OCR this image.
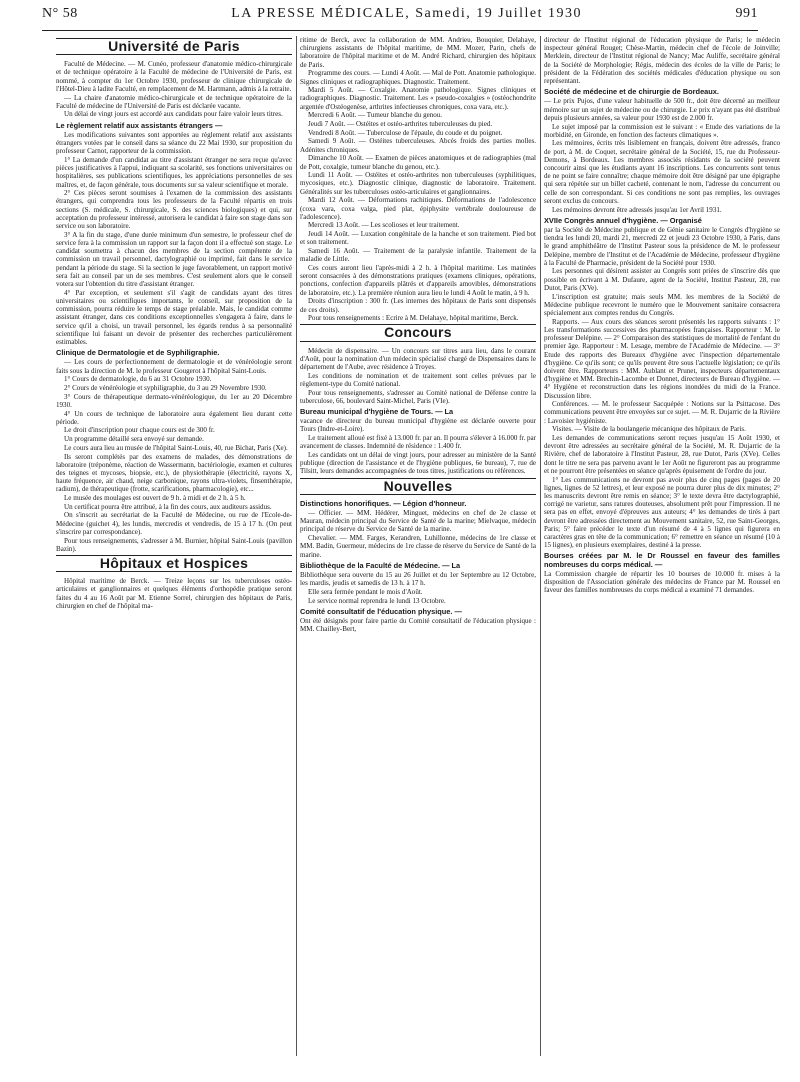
N° 58	LA PRESSE MÉDICALE, Samedi, 19 Juillet 1930	991
Université de Paris

Faculté de Médecine. — M. Cunéo, professeur d'anatomie médico-chirurgicale et de technique opératoire à la Faculté de médecine de l'Université de Paris, est nommé, à compter du 1er Octobre 1930, professeur de clinique chirurgicale de l'Hôtel-Dieu à ladite Faculté, en remplacement de M. Hartmann, admis à la retraite.

— La chaire d'anatomie médico-chirurgicale et de technique opératoire de la Faculté de médecine de l'Université de Paris est déclarée vacante.

Un délai de vingt jours est accordé aux candidats pour faire valoir leurs titres.

Le règlement relatif aux assistants étrangers —

Les modifications suivantes sont apportées au règlement relatif aux assistants étrangers votées par le conseil dans sa séance du 22 Mai 1930, sur proposition du professeur Carnot, rapporteur de la commission.

1° La demande d'un candidat au titre d'assistant étranger ne sera reçue qu'avec pièces justificatives à l'appui, indiquant sa scolarité, ses fonctions universitaires ou hospitalières, ses publications scientifiques, les appréciations personnelles de ses maîtres, et, de façon générale, tous documents sur sa valeur scientifique et morale.

2° Ces pièces seront soumises à l'examen de la commission des assistants étrangers, qui comprendra tous les professeurs de la Faculté répartis en trois sections (S. médicale, S. chirurgicale, S. des sciences biologiques) et qui, sur acceptation du professeur intéressé, autorisera le candidat à faire son stage dans son service ou son laboratoire.

3° A la fin du stage, d'une durée minimum d'un semestre, le professeur chef de service fera à la commission un rapport sur la façon dont il a effectué son stage. Le candidat soumettra à chacun des membres de la section compétente de la commission un travail personnel, dactylographié ou imprimé, fait dans le service pendant la période du stage. Si la section le juge favorablement, un rapport motivé sera fait au conseil par un de ses membres. C'est seulement alors que le conseil votera sur l'obtention du titre d'assistant étranger.

4° Par exception, et seulement s'il s'agit de candidats ayant des titres universitaires ou scientifiques importants, le conseil, sur proposition de la commission, pourra réduire le temps de stage préalable. Mais, le candidat comme assistant étranger, dans ces conditions exceptionnelles s'engagera à faire, dans le service qu'il a choisi, un travail personnel, les égards rendus à sa personnalité scientifique lui faisant un devoir de présenter des recherches particulièrement estimables.

Clinique de Dermatologie et de Syphiligraphie.

— Les cours de perfectionnement de dermatologie et de vénéréologie seront faits sous la direction de M. le professeur Gougerot à l'hôpital Saint-Louis.

1° Cours de dermatologie, du 6 au 31 Octobre 1930.

2° Cours de vénéréologie et syphiligraphie, du 3 au 29 Novembre 1930.

3° Cours de thérapeutique dermato-vénéréologique, du 1er au 20 Décembre 1930.

4° Un cours de technique de laboratoire aura également lieu durant cette période.

Le droit d'inscription pour chaque cours est de 300 fr.

Un programme détaillé sera envoyé sur demande.

Le cours aura lieu au musée de l'hôpital Saint-Louis, 40, rue Bichat, Paris (Xe).

Ils seront complétés par des examens de malades, des démonstrations de laboratoire (tréponème, réaction de Wassermann, bactériologie, examen et cultures des teignes et mycoses, biopsie, etc.), de physiothérapie (électricité, rayons X, haute fréquence, air chaud, neige carbonique, rayons ultra-violets, finsenthérapie, radium), de thérapeutique (frotte, scarifications, pharmacologie), etc...

Le musée des moulages est ouvert de 9 h. à midi et de 2 h. à 5 h.

Un certificat pourra être attribué, à la fin des cours, aux auditeurs assidus.

On s'inscrit au secrétariat de la Faculté de Médecine, ou rue de l'Ecole-de-Médecine (guichet 4), les lundis, mercredis et vendredis, de 15 à 17 h. (On peut s'inscrire par correspondance).

Pour tous renseignements, s'adresser à M. Burnier, hôpital Saint-Louis (pavillon Bazin).

Hôpitaux et Hospices

Hôpital maritime de Berck. — Treize leçons sur les tuberculoses ostéo-articulaires et ganglionnaires et quelques éléments d'orthopédie pratique seront faites du 4 au 16 Août par M. Etienne Sorrel, chirurgien des hôpitaux de Paris, chirurgien en chef de l'hôpital ma-

ritime de Berck, avec la collaboration de MM. Andrieu, Bouquier, Delahaye, chirurgiens assistants de l'hôpital maritime, de MM. Mozer, Parin, chefs de laboratoire de l'hôpital maritime et de M. André Richard, chirurgien des hôpitaux de Paris.

Programme des cours. — Lundi 4 Août. — Mal de Pott. Anatomie pathologique. Signes cliniques et radiographiques. Diagnostic. Traitement.

Mardi 5 Août. — Coxalgie. Anatomie pathologique. Signes cliniques et radiographiques. Diagnostic. Traitement. Les « pseudo-coxalgies » (ostéochondrite argentée d'Ostéogenèse, arthrites infectieuses chroniques, coxa vara, etc.).

Mercredi 6 Août. — Tumeur blanche du genou.

Jeudi 7 Août. — Ostéites et ostéo-arthrites tuberculeuses du pied.

Vendredi 8 Août. — Tuberculose de l'épaule, du coude et du poignet.

Samedi 9 Août. — Ostéites tuberculeuses. Abcès froids des parties molles. Adénites chroniques.

Dimanche 10 Août. — Examen de pièces anatomiques et de radiographies (mal de Pott, coxalgie, tumeur blanche du genou, etc.).

Lundi 11 Août. — Ostéites et ostéo-arthrites non tuberculeuses (syphilitiques, mycosiques, etc.). Diagnostic clinique, diagnostic de laboratoire. Traitement. Généralités sur les tuberculoses ostéo-articulaires et ganglionnaires.

Mardi 12 Août. — Déformations rachitiques. Déformations de l'adolescence (coxa vara, coxa valga, pied plat, épiphysite vertébrale douloureuse de l'adolescence).

Mercredi 13 Août. — Les scolioses et leur traitement.

Jeudi 14 Août. — Luxation congénitale de la hanche et son traitement. Pied bot et son traitement.

Samedi 16 Août. — Traitement de la paralysie infantile. Traitement de la maladie de Little.

Ces cours auront lieu l'après-midi à 2 h. à l'hôpital maritime. Les matinées seront consacrées à des démonstrations pratiques (examens cliniques, opérations, ponctions, confection d'appareils plâtrés et d'appareils amovibles, démonstrations de laboratoire, etc.). La première réunion aura lieu le lundi 4 Août le matin, à 9 h.

Droits d'inscription : 300 fr. (Les internes des hôpitaux de Paris sont dispensés de ces droits).

Pour tous renseignements : Ecrire à M. Delahaye, hôpital maritime, Berck.

Concours

Médecin de dispensaire. — Un concours sur titres aura lieu, dans le courant d'Août, pour la nomination d'un médecin spécialisé chargé de Dispensaires dans le département de l'Aube, avec résidence à Troyes.

Les conditions de nomination et de traitement sont celles prévues par le règlement-type du Comité national.

Pour tous renseignements, s'adresser au Comité national de Défense contre la tuberculose, 66, boulevard Saint-Michel, Paris (VIe).

Bureau municipal d'hygiène de Tours. — La

vacance de directeur du bureau municipal d'hygiène est déclarée ouverte pour Tours (Indre-et-Loire).

Le traitement alloué est fixé à 13.000 fr. par an. Il pourra s'élever à 16.000 fr. par avancement de classes. Indemnité de résidence : 1.400 fr.

Les candidats ont un délai de vingt jours, pour adresser au ministère de la Santé publique (direction de l'assistance et de l'hygiène publiques, 6e bureau), 7, rue de Tilsitt, leurs demandes accompagnées de tous titres, justifications ou références.

Nouvelles

Distinctions honorifiques. — Légion d'honneur.

— Officier. — MM. Hédérer, Minguet, médecins en chef de 2e classe et Mauran, médecin principal du Service de Santé de la marine; Mielvaque, médecin principal de réserve du Service de Santé de la marine.

Chevalier. — MM. Farges, Kerandren, Luhillonne, médecins de 1re classe et MM. Badin, Guermeur, médecins de 1re classe de réserve du Service de Santé de la marine.

Bibliothèque de la Faculté de Médecine. — La

Bibliothèque sera ouverte du 15 au 26 Juillet et du 1er Septembre au 12 Octobre, les mardis, jeudis et samedis de 13 h. à 17 h.

Elle sera fermée pendant le mois d'Août.

Le service normal reprendra le lundi 13 Octobre.

Comité consultatif de l'éducation physique. —

Ont été désignés pour faire partie du Comité consultatif de l'éducation physique : MM. Chailley-Bert,

directeur de l'Institut régional de l'éducation physique de Paris; le médecin inspecteur général Rouget; Chèse-Martin, médecin chef de l'école de Joinville; Merklein, directeur de l'Institut régional de Nancy; Mac Auliffe, secrétaire général de la Société de Morphologie; Régis, médecin des écoles de la ville de Paris; le président de la Fédération des sociétés médicales d'éducation physique ou son représentant.

Société de médecine et de chirurgie de Bordeaux.

— Le prix Pujos, d'une valeur habituelle de 500 fr., doit être décerné au meilleur mémoire sur un sujet de médecine ou de chirurgie. Le prix n'ayant pas été distribué depuis plusieurs années, sa valeur pour 1930 est de 2.000 fr.

Le sujet imposé par la commission est le suivant : « Etude des variations de la morbidité, en Gironde, en fonction des facteurs climatiques ».

Les mémoires, écrits très lisiblement en français, doivent être adressés, franco de port, à M. de Coquet, secrétaire général de la Société, 15, rue du Professeur-Demons, à Bordeaux. Les membres associés résidants de la société peuvent concourir ainsi que les étudiants ayant 16 inscriptions. Les concurrents sont tenus de ne point se faire connaître; chaque mémoire doit être désigné par une épigraphe qui sera répétée sur un billet cacheté, contenant le nom, l'adresse du concurrent ou celle de son correspondant. Si ces conditions ne sont pas remplies, les ouvrages seront exclus du concours.

Les mémoires devront être adressés jusqu'au 1er Avril 1931.

XVIIe Congrès annuel d'hygiène. — Organisé

par la Société de Médecine publique et de Génie sanitaire le Congrès d'hygiène se tiendra les lundi 20, mardi 21, mercredi 22 et jeudi 23 Octobre 1930, à Paris, dans le grand amphithéâtre de l'Institut Pasteur sous la présidence de M. le professeur Delépine, membre de l'Institut et de l'Académie de Médecine, professeur d'hygiène à la Faculté de Pharmacie, président de la Société pour 1930.

Les personnes qui désirent assister au Congrès sont priées de s'inscrire dès que possible en écrivant à M. Dufaure, agent de la Société, Institut Pasteur, 28, rue Dutot, Paris (XVe).

L'inscription est gratuite; mais seuls MM. les membres de la Société de Médecine publique recevront le numéro que le Mouvement sanitaire consacrera spécialement aux comptes rendus du Congrès.

Rapports. — Aux cours des séances seront présentés les rapports suivants : 1° Les transformations successives des pharmacopées françaises. Rapporteur : M. le professeur Delépine. — 2° Comparaison des statistiques de mortalité de l'enfant du premier âge. Rapporteur : M. Lesage, membre de l'Académie de Médecine. — 3° Etude des rapports des Bureaux d'hygiène avec l'inspection départementale d'hygiène. Ce qu'ils sont; ce qu'ils peuvent être sous l'actuelle législation; ce qu'ils doivent être. Rapporteurs : MM. Aublant et Prunet, inspecteurs départementaux d'hygiène et MM. Brechin-Lacombe et Donnet, directeurs de Bureau d'hygiène. — 4° Hygiène et reconstruction dans les régions inondées du midi de la France. Discussion libre.

Conférences. — M. le professeur Sacquépée : Notions sur la Psittacose. Des communications peuvent être envoyées sur ce sujet. — M. R. Dujarric de la Rivière : Lavoisier hygiéniste.

Visites. — Visite de la boulangerie mécanique des hôpitaux de Paris.

Les demandes de communications seront reçues jusqu'au 15 Août 1930, et devront être adressées au secrétaire général de la Société, M. R. Dujarric de la Rivière, chef de laboratoire à l'Institut Pasteur, 28, rue Dutot, Paris (XVe). Celles dont le titre ne sera pas parvenu avant le 1er Août ne figureront pas au programme et ne pourront être présentées en séance qu'après épuisement de l'ordre du jour.

1° Les communications ne devront pas avoir plus de cinq pages (pages de 20 lignes, lignes de 52 lettres), et leur exposé ne pourra durer plus de dix minutes; 2° les manuscrits devront être remis en séance; 3° le texte devra être dactylographié, corrigé ne varietur, sans ratures douteuses, absolument prêt pour l'impression. Il ne sera pas en effet, envoyé d'épreuves aux auteurs; 4° les demandes de tirés à part devront être adressées directement au Mouvement sanitaire, 52, rue Saint-Georges, Paris; 5° faire précéder le texte d'un résumé de 4 à 5 lignes qui figurera en caractères gras en tête de la communication; 6° remettre en séance un résumé (10 à 15 lignes), en plusieurs exemplaires, destiné à la presse.

Bourses créées par M. le Dr Roussel en faveur des familles nombreuses du corps médical. —

La Commission chargée de répartir les 10 bourses de 10.000 fr. mises à la disposition de l'Association générale des médecins de France par M. Roussel en faveur des familles nombreuses du corps médical a examiné 71 demandes.
